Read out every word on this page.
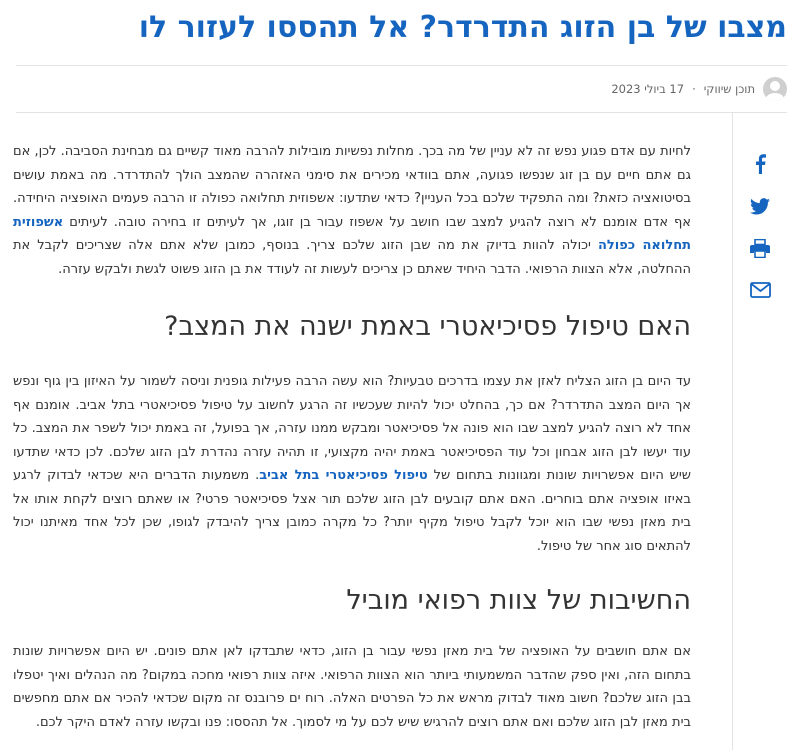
מצבו של בן הזוג התדרדר? אל תהססו לעזור לו
תוכן שיווקי
·
17 ביולי 2023

לחיות עם אדם פגוע נפש זה לא עניין של מה בכך. מחלות נפשיות מובילות להרבה מאוד קשיים גם מבחינת הסביבה. לכן, אם גם אתם חיים עם בן זוג שנפשו פגועה, אתם בוודאי מכירים את סימני האזהרה שהמצב הולך להתדרדר. מה באמת עושים בסיטואציה כזאת? ומה התפקיד שלכם בכל העניין? כדאי שתדעו: אשפוזית תחלואה כפולה זו הרבה פעמים האופציה היחידה. אף אדם אומנם לא רוצה להגיע למצב שבו חושב על אשפוז עבור בן זוגו, אך לעיתים זו בחירה טובה. לעיתים אשפוזית תחלואה כפולה יכולה להוות בדיוק את מה שבן הזוג שלכם צריך. בנוסף, כמובן שלא אתם אלה שצריכים לקבל את ההחלטה, אלא הצוות הרפואי. הדבר היחיד שאתם כן צריכים לעשות זה לעודד את בן הזוג פשוט לגשת ולבקש עזרה.

האם טיפול פסיכיאטרי באמת ישנה את המצב?

עד היום בן הזוג הצליח לאזן את עצמו בדרכים טבעיות? הוא עשה הרבה פעילות גופנית וניסה לשמור על האיזון בין גוף ונפש אך היום המצב התדרדר? אם כך, בהחלט יכול להיות שעכשיו זה הרגע לחשוב על טיפול פסיכיאטרי בתל אביב. אומנם אף אחד לא רוצה להגיע למצב שבו הוא פונה אל פסיכיאטר ומבקש ממנו עזרה, אך בפועל, זה באמת יכול לשפר את המצב. כל עוד יעשו לבן הזוג אבחון וכל עוד הפסיכיאטר באמת יהיה מקצועי, זו תהיה עזרה נהדרת לבן הזוג שלכם. לכן כדאי שתדעו שיש היום אפשרויות שונות ומגוונות בתחום של טיפול פסיכיאטרי בתל אביב. משמעות הדברים היא שכדאי לבדוק לרגע באיזו אופציה אתם בוחרים. האם אתם קובעים לבן הזוג שלכם תור אצל פסיכיאטר פרטי? או שאתם רוצים לקחת אותו אל בית מאזן נפשי שבו הוא יוכל לקבל טיפול מקיף יותר? כל מקרה כמובן צריך להיבדק לגופו, שכן לכל אחד מאיתנו יכול להתאים סוג אחר של טיפול.

החשיבות של צוות רפואי מוביל

אם אתם חושבים על האופציה של בית מאזן נפשי עבור בן הזוג, כדאי שתבדקו לאן אתם פונים. יש היום אפשרויות שונות בתחום הזה, ואין ספק שהדבר המשמעותי ביותר הוא הצוות הרפואי. איזה צוות רפואי מחכה במקום? מה הנהלים ואיך יטפלו בבן הזוג שלכם? חשוב מאוד לבדוק מראש את כל הפרטים האלה. רוח ים פרובנס זה מקום שכדאי להכיר אם אתם מחפשים בית מאזן לבן הזוג שלכם ואם אתם רוצים להרגיש שיש לכם על מי לסמוך. אל תהססו: פנו ובקשו עזרה לאדם היקר לכם.
